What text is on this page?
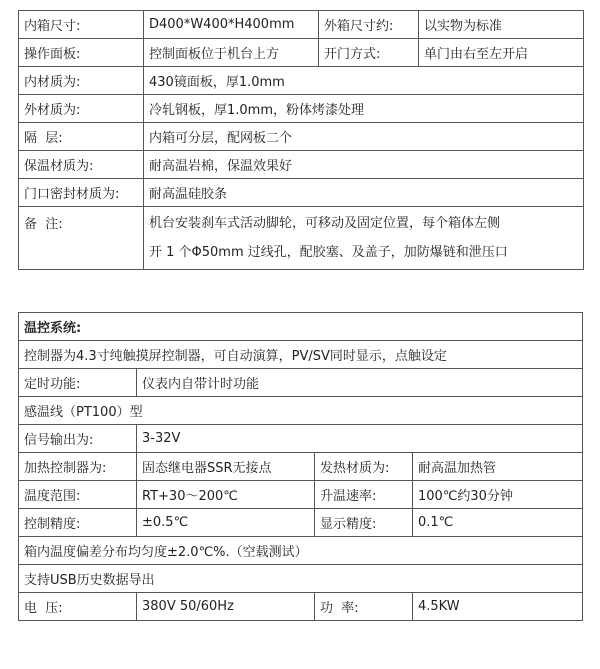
内箱尺寸:	D400*W400*H400mm	外箱尺寸约:	以实物为标准
操作面板:	控制面板位于机台上方	开门方式:	单门由右至左开启
内材质为:	430镜面板，厚1.0mm		
外材质为:	冷轧钢板，厚1.0mm，粉体烤漆处理		
隔  层:	内箱可分层，配网板二个		
保温材质为:	耐高温岩棉，保温效果好		
门口密封材质为:	耐高温硅胶条		
备  注:	机台安装刹车式活动脚轮，可移动及固定位置，每个箱体左侧
开 1 个Φ50mm 过线孔，配胶塞、及盖子，加防爆链和泄压口		
温控系统:			
控制器为4.3寸纯触摸屏控制器，可自动演算，PV/SV同时显示，点触设定			
定时功能:	仪表内自带计时功能		
感温线（PT100）型			
信号输出为:	3-32V		
加热控制器为:	固态继电器SSR无接点	发热材质为:	耐高温加热管
温度范围:	RT+30～200℃	升温速率:	100℃约30分钟
控制精度:	±0.5℃	显示精度:	0.1℃
箱内温度偏差分布均匀度±2.0℃%.（空载测试）			
支持USB历史数据导出			
电  压:	380V 50/60Hz	功  率:	4.5KW
